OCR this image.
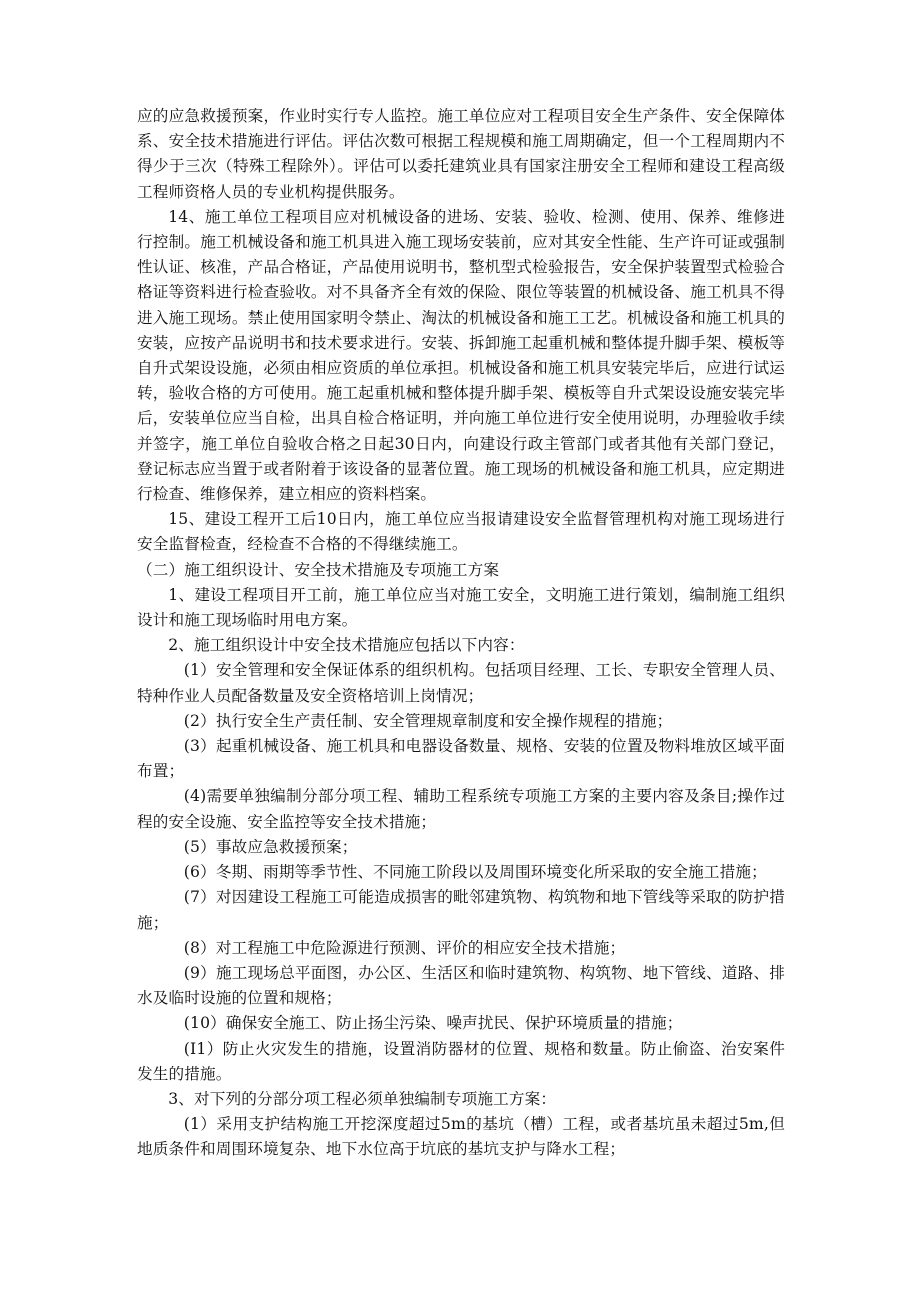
应的应急救援预案，作业时实行专人监控。施工单位应对工程项目安全生产条件、安全保障体系、安全技术措施进行评估。评估次数可根据工程规模和施工周期确定，但一个工程周期内不得少于三次（特殊工程除外）。评估可以委托建筑业具有国家注册安全工程师和建设工程高级工程师资格人员的专业机构提供服务。

14、施工单位工程项目应对机械设备的进场、安装、验收、检测、使用、保养、维修进行控制。施工机械设备和施工机具进入施工现场安装前，应对其安全性能、生产许可证或强制性认证、核准，产品合格证，产品使用说明书，整机型式检验报告，安全保护装置型式检验合格证等资料进行检查验收。对不具备齐全有效的保险、限位等装置的机械设备、施工机具不得进入施工现场。禁止使用国家明令禁止、淘汰的机械设备和施工工艺。机械设备和施工机具的安装，应按产品说明书和技术要求进行。安装、拆卸施工起重机械和整体提升脚手架、模板等自升式架设设施，必须由相应资质的单位承担。机械设备和施工机具安装完毕后，应进行试运转，验收合格的方可使用。施工起重机械和整体提升脚手架、模板等自升式架设设施安装完毕后，安装单位应当自检，出具自检合格证明，并向施工单位进行安全使用说明，办理验收手续并签字，施工单位自验收合格之日起30日内，向建设行政主管部门或者其他有关部门登记，登记标志应当置于或者附着于该设备的显著位置。施工现场的机械设备和施工机具，应定期进行检查、维修保养，建立相应的资料档案。

15、建设工程开工后10日内，施工单位应当报请建设安全监督管理机构对施工现场进行安全监督检查，经检查不合格的不得继续施工。

（二）施工组织设计、安全技术措施及专项施工方案

1、建设工程项目开工前，施工单位应当对施工安全，文明施工进行策划，编制施工组织设计和施工现场临时用电方案。

2、施工组织设计中安全技术措施应包括以下内容：

(1）安全管理和安全保证体系的组织机构。包括项目经理、工长、专职安全管理人员、特种作业人员配备数量及安全资格培训上岗情况；

(2）执行安全生产责任制、安全管理规章制度和安全操作规程的措施；

(3）起重机械设备、施工机具和电器设备数量、规格、安装的位置及物料堆放区域平面布置；

(4)需要单独编制分部分项工程、辅助工程系统专项施工方案的主要内容及条目;操作过程的安全设施、安全监控等安全技术措施；

(5）事故应急救援预案；

(6）冬期、雨期等季节性、不同施工阶段以及周围环境变化所采取的安全施工措施；

(7）对因建设工程施工可能造成损害的毗邻建筑物、构筑物和地下管线等采取的防护措施；

(8）对工程施工中危险源进行预测、评价的相应安全技术措施；

(9）施工现场总平面图，办公区、生活区和临时建筑物、构筑物、地下管线、道路、排水及临时设施的位置和规格；

(10）确保安全施工、防止扬尘污染、噪声扰民、保护环境质量的措施；

(I1）防止火灾发生的措施，设置消防器材的位置、规格和数量。防止偷盗、治安案件发生的措施。

3、对下列的分部分项工程必须单独编制专项施工方案：

(1）采用支护结构施工开挖深度超过5m的基坑（槽）工程，或者基坑虽未超过5m,但地质条件和周围环境复杂、地下水位高于坑底的基坑支护与降水工程；
